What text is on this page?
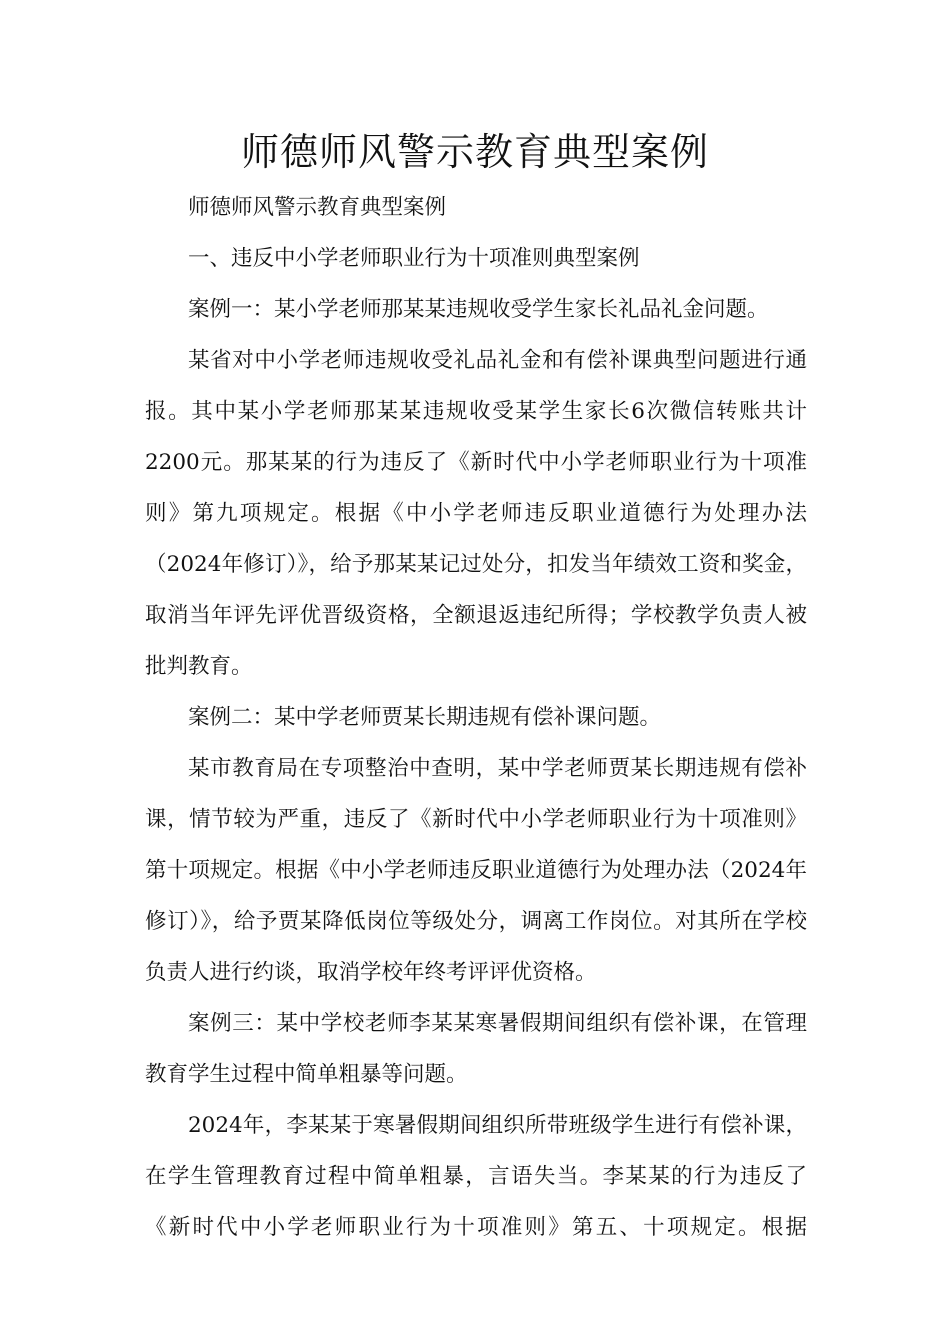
师德师风警示教育典型案例

师德师风警示教育典型案例

一、违反中小学老师职业行为十项准则典型案例

案例一：某小学老师那某某违规收受学生家长礼品礼金问题。

某省对中小学老师违规收受礼品礼金和有偿补课典型问题进行通报。其中某小学老师那某某违规收受某学生家长6次微信转账共计2200元。那某某的行为违反了《新时代中小学老师职业行为十项准则》第九项规定。根据《中小学老师违反职业道德行为处理办法（2024年修订）》，给予那某某记过处分，扣发当年绩效工资和奖金，取消当年评先评优晋级资格，全额退返违纪所得；学校教学负责人被批判教育。

案例二：某中学老师贾某长期违规有偿补课问题。

某市教育局在专项整治中查明，某中学老师贾某长期违规有偿补课，情节较为严重，违反了《新时代中小学老师职业行为十项准则》第十项规定。根据《中小学老师违反职业道德行为处理办法（2024年修订）》，给予贾某降低岗位等级处分，调离工作岗位。对其所在学校负责人进行约谈，取消学校年终考评评优资格。

案例三：某中学校老师李某某寒暑假期间组织有偿补课，在管理教育学生过程中简单粗暴等问题。

2024年，李某某于寒暑假期间组织所带班级学生进行有偿补课，在学生管理教育过程中简单粗暴，言语失当。李某某的行为违反了《新时代中小学老师职业行为十项准则》第五、十项规定。根据
